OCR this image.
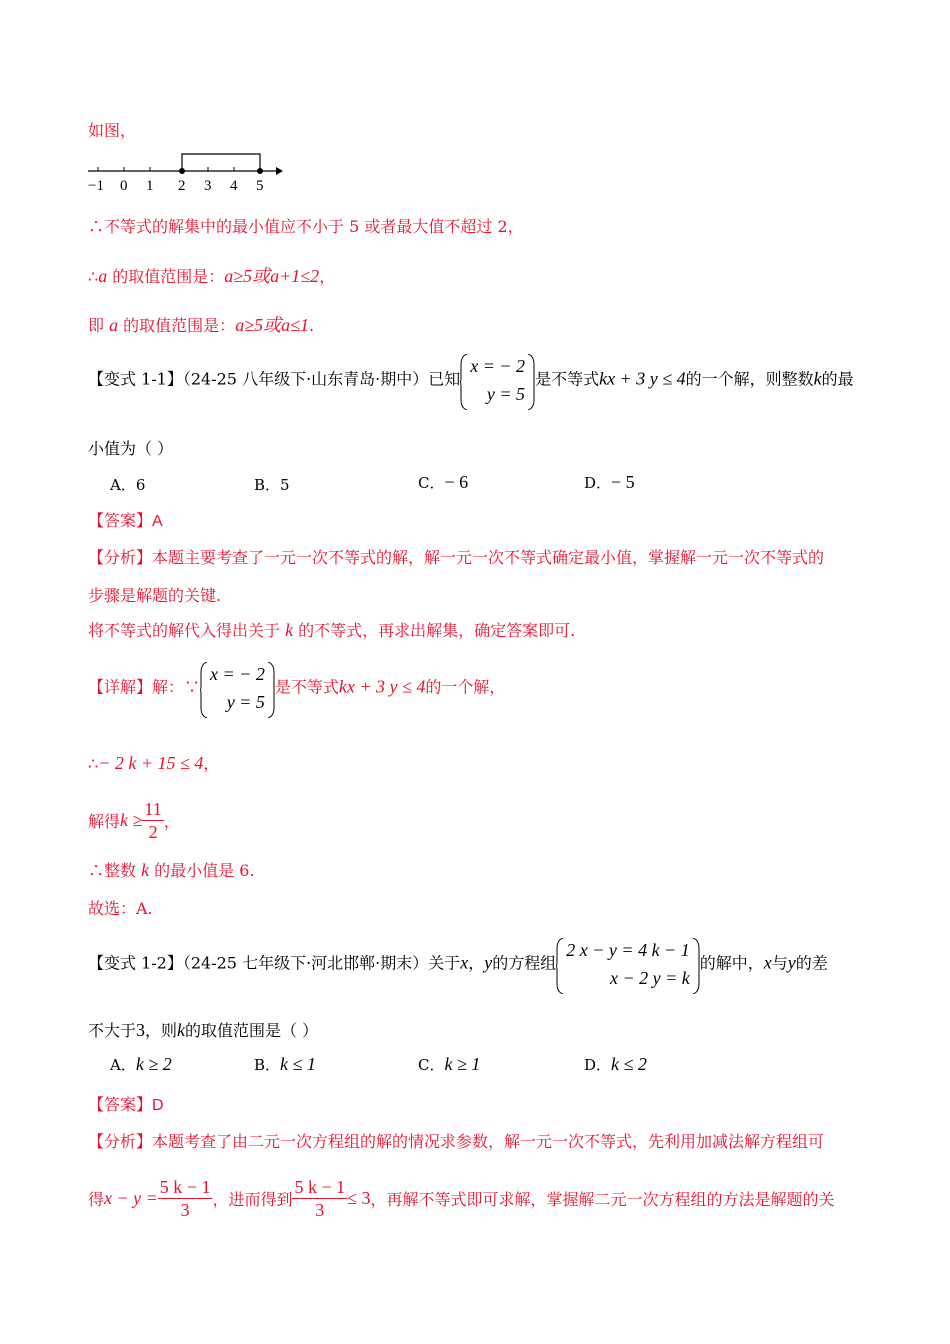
如图，
−1 0 1 2 3 4 5
∴不等式的解集中的最小值应不小于 5 或者最大值不超过 2，
∴a 的取值范围是：a≥5或a+1≤2，
即 a 的取值范围是：a≥5或a≤1.
【变式 1-1】（24-25 八年级下·山东青岛·期中）已知
x = − 2
y = 5
是不等式kx + 3 y ≤ 4的一个解，则整数k的最
小值为（ ）
A．6	B．5	C．− 6	D．− 5
【答案】A
【分析】本题主要考查了一元一次不等式的解，解一元一次不等式确定最小值，掌握解一元一次不等式的
步骤是解题的关键.
将不等式的解代入得出关于 k 的不等式，再求出解集，确定答案即可.
【详解】解：∵
x = − 2
y = 5
是不等式kx + 3 y ≤ 4的一个解，
∴− 2 k + 15 ≤ 4，
解得$k \ge \frac{11}{2}$ ，
∴整数 k 的最小值是 6.
故选：A.
【变式 1-2】（24-25 七年级下·河北邯郸·期末）关于x，y的方程组
2 x − y = 4 k − 1
x − 2 y = k
的解中，x与y的差
不大于3，则k的取值范围是（ ）
A．k ≥ 2	B．k ≤ 1	C．k ≥ 1	D．k ≤ 2
【答案】D
【分析】本题考查了由二元一次方程组的解的情况求参数，解一元一次不等式，先利用加减法解方程组可
得$x - y = \frac{5 k - 1}{3}$ ，进而得到 $\frac{5 k - 1}{3} \le 3$，再解不等式即可求解，掌握解二元一次方程组的方法是解题的关
